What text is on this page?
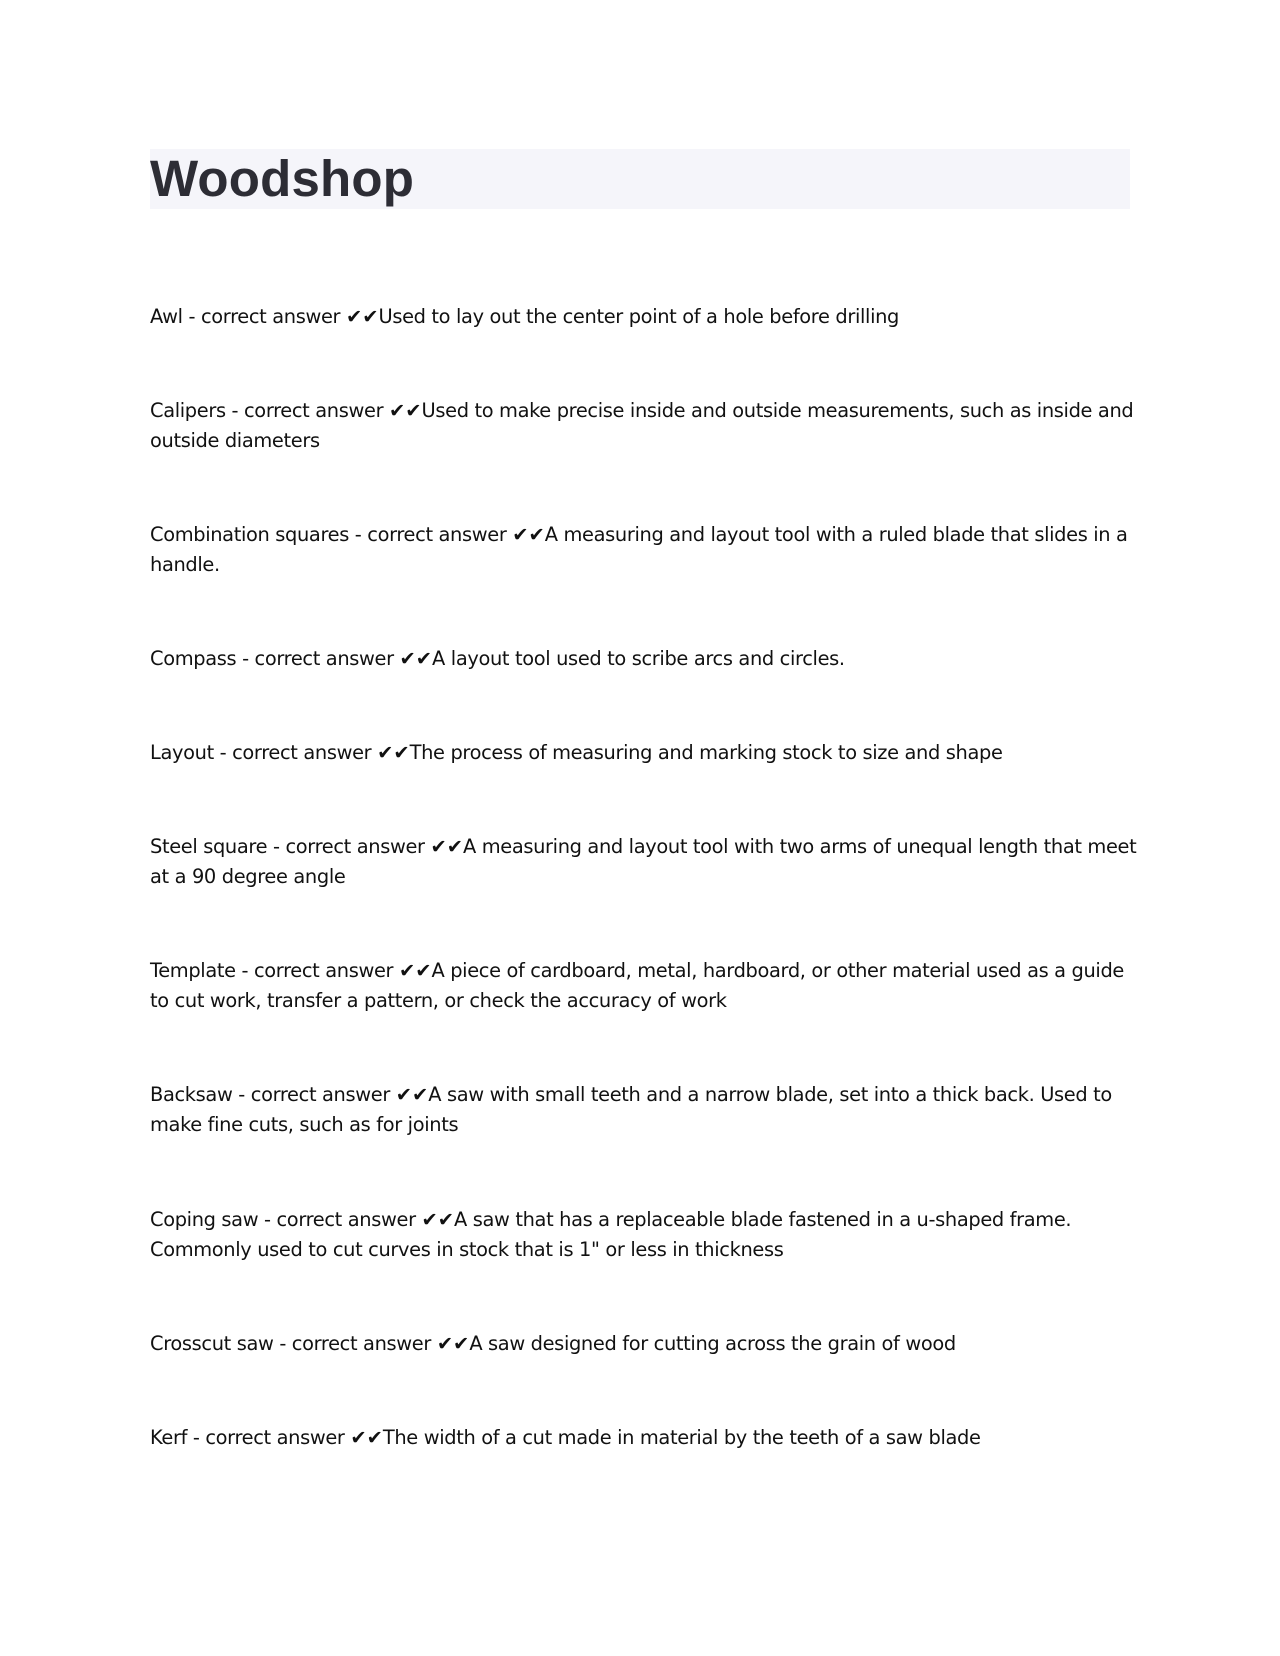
Woodshop

Awl - correct answer ✔✔Used to lay out the center point of a hole before drilling

Calipers - correct answer ✔✔Used to make precise inside and outside measurements, such as inside and outside diameters

Combination squares - correct answer ✔✔A measuring and layout tool with a ruled blade that slides in a handle.

Compass - correct answer ✔✔A layout tool used to scribe arcs and circles.

Layout - correct answer ✔✔The process of measuring and marking stock to size and shape

Steel square - correct answer ✔✔A measuring and layout tool with two arms of unequal length that meet at a 90 degree angle

Template - correct answer ✔✔A piece of cardboard, metal, hardboard, or other material used as a guide to cut work, transfer a pattern, or check the accuracy of work

Backsaw - correct answer ✔✔A saw with small teeth and a narrow blade, set into a thick back. Used to make fine cuts, such as for joints

Coping saw - correct answer ✔✔A saw that has a replaceable blade fastened in a u-shaped frame. Commonly used to cut curves in stock that is 1" or less in thickness

Crosscut saw - correct answer ✔✔A saw designed for cutting across the grain of wood

Kerf - correct answer ✔✔The width of a cut made in material by the teeth of a saw blade
